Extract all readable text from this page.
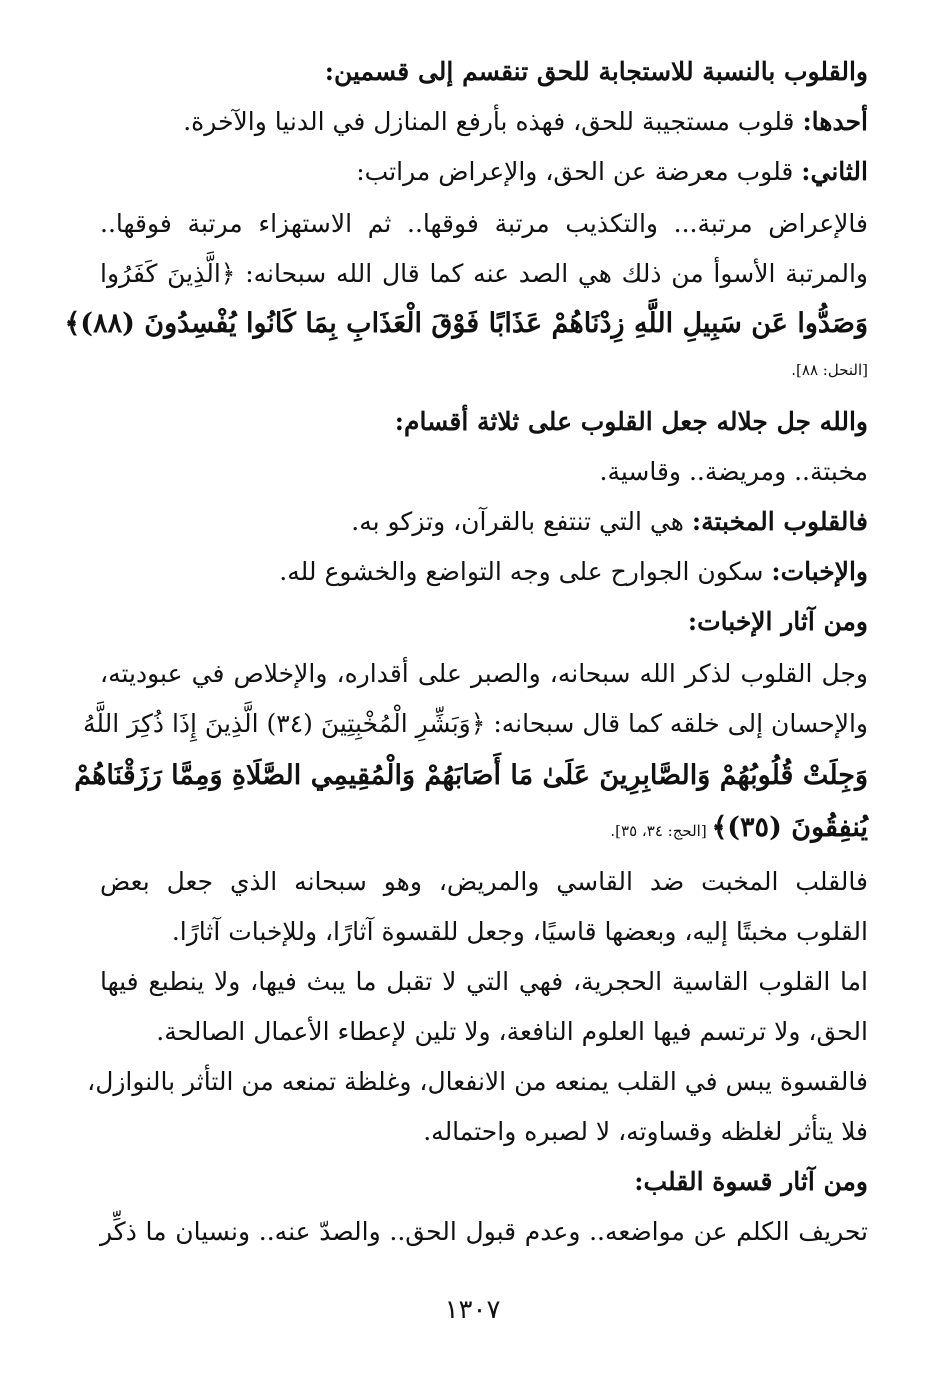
والقلوب بالنسبة للاستجابة للحق تنقسم إلى قسمين:
أحدها: قلوب مستجيبة للحق، فهذه بأرفع المنازل في الدنيا والآخرة.
الثاني: قلوب معرضة عن الحق، والإعراض مراتب:
فالإعراض مرتبة... والتكذيب مرتبة فوقها.. ثم الاستهزاء مرتبة فوقها..
والمرتبة الأسوأ من ذلك هي الصد عنه كما قال الله سبحانه: ﴿الَّذِينَ كَفَرُوا
وَصَدُّوا عَن سَبِيلِ اللَّهِ زِدْنَاهُمْ عَذَابًا فَوْقَ الْعَذَابِ بِمَا كَانُوا يُفْسِدُونَ (٨٨)﴾
[النحل: ٨٨].
والله جل جلاله جعل القلوب على ثلاثة أقسام:
مخبتة.. ومريضة.. وقاسية.
فالقلوب المخبتة: هي التي تنتفع بالقرآن، وتزكو به.
والإخبات: سكون الجوارح على وجه التواضع والخشوع لله.
ومن آثار الإخبات:
وجل القلوب لذكر الله سبحانه، والصبر على أقداره، والإخلاص في عبوديته،
والإحسان إلى خلقه كما قال سبحانه: ﴿وَبَشِّرِ الْمُخْبِتِينَ (٣٤) الَّذِينَ إِذَا ذُكِرَ اللَّهُ
وَجِلَتْ قُلُوبُهُمْ وَالصَّابِرِينَ عَلَىٰ مَا أَصَابَهُمْ وَالْمُقِيمِي الصَّلَاةِ وَمِمَّا رَزَقْنَاهُمْ
يُنفِقُونَ (٣٥)﴾ [الحج: ٣٤، ٣٥].
فالقلب المخبت ضد القاسي والمريض، وهو سبحانه الذي جعل بعض
القلوب مخبتًا إليه، وبعضها قاسيًا، وجعل للقسوة آثارًا، وللإخبات آثارًا.
اما القلوب القاسية الحجرية، فهي التي لا تقبل ما يبث فيها، ولا ينطبع فيها
الحق، ولا ترتسم فيها العلوم النافعة، ولا تلين لإعطاء الأعمال الصالحة.
فالقسوة يبس في القلب يمنعه من الانفعال، وغلظة تمنعه من التأثر بالنوازل،
فلا يتأثر لغلظه وقساوته، لا لصبره واحتماله.
ومن آثار قسوة القلب:
تحريف الكلم عن مواضعه.. وعدم قبول الحق.. والصدّ عنه.. ونسيان ما ذكِّر
١٣٠٧
